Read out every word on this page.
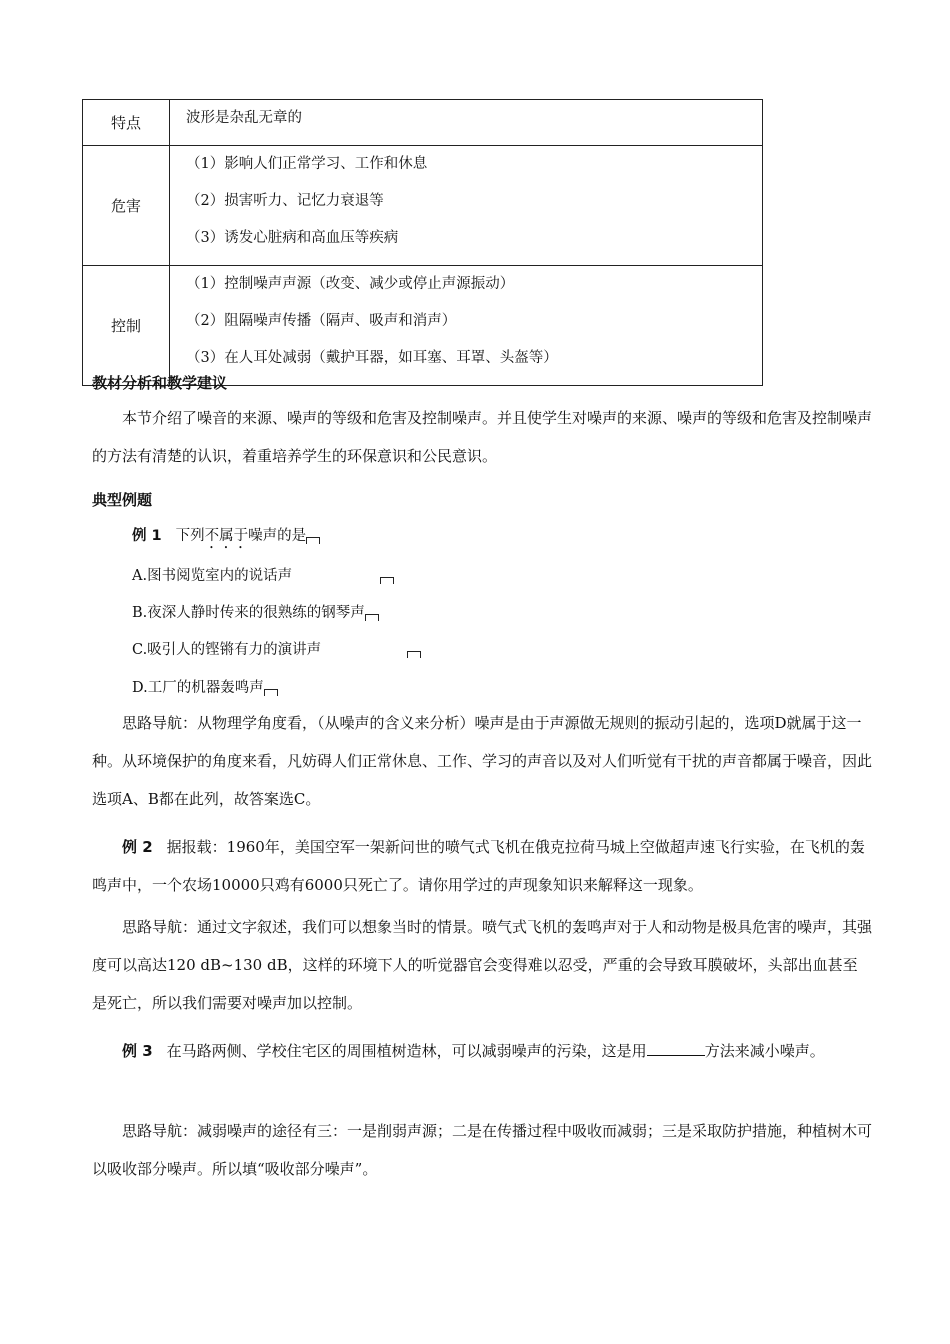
特点	波形是杂乱无章的

危害	（1）影响人们正常学习、工作和休息
（2）损害听力、记忆力衰退等
（3）诱发心脏病和高血压等疾病

控制	（1）控制噪声声源（改变、减少或停止声源振动）
（2）阻隔噪声传播（隔声、吸声和消声）
（3）在人耳处减弱（戴护耳器，如耳塞、耳罩、头盔等）
教材分析和教学建议
本节介绍了噪音的来源、噪声的等级和危害及控制噪声。并且使学生对噪声的来源、噪声的等级和危害及控制噪声的方法有清楚的认识，着重培养学生的环保意识和公民意识。
典型例题
例 1 下列不属于噪声的是
A.图书阅览室内的说话声
B.夜深人静时传来的很熟练的钢琴声
C.吸引人的铿锵有力的演讲声
D.工厂的机器轰鸣声
思路导航：从物理学角度看，（从噪声的含义来分析）噪声是由于声源做无规则的振动引起的，选项D就属于这一种。从环境保护的角度来看，凡妨碍人们正常休息、工作、学习的声音以及对人们听觉有干扰的声音都属于噪音，因此选项A、B都在此列，故答案选C。
例 2 据报载：1960年，美国空军一架新问世的喷气式飞机在俄克拉荷马城上空做超声速飞行实验，在飞机的轰鸣声中，一个农场10000只鸡有6000只死亡了。请你用学过的声现象知识来解释这一现象。
思路导航：通过文字叙述，我们可以想象当时的情景。喷气式飞机的轰鸣声对于人和动物是极具危害的噪声，其强度可以高达120 dB~130 dB，这样的环境下人的听觉器官会变得难以忍受，严重的会导致耳膜破坏，头部出血甚至是死亡，所以我们需要对噪声加以控制。
例 3 在马路两侧、学校住宅区的周围植树造林，可以减弱噪声的污染，这是用	方法来减小噪声。
思路导航：减弱噪声的途径有三：一是削弱声源；二是在传播过程中吸收而减弱；三是采取防护措施，种植树木可以吸收部分噪声。所以填“吸收部分噪声”。
